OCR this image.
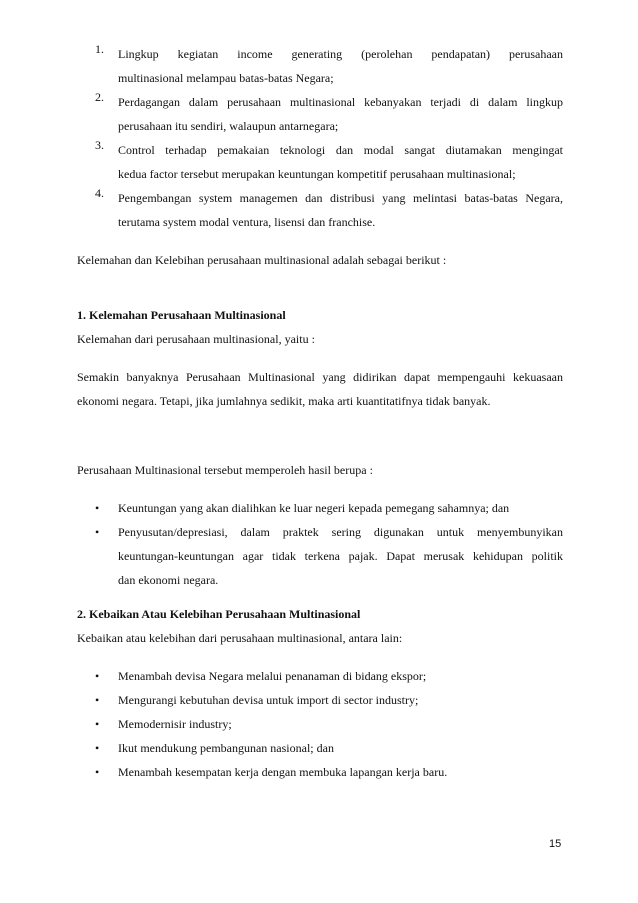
1. Lingkup kegiatan income generating (perolehan pendapatan) perusahaan
multinasional melampau batas-batas Negara;
2. Perdagangan dalam perusahaan multinasional kebanyakan terjadi di dalam lingkup
perusahaan itu sendiri, walaupun antarnegara;
3. Control terhadap pemakaian teknologi dan modal sangat diutamakan mengingat
kedua factor tersebut merupakan keuntungan kompetitif perusahaan multinasional;
4. Pengembangan system managemen dan distribusi yang melintasi batas-batas Negara,
terutama system modal ventura, lisensi dan franchise.
Kelemahan dan Kelebihan perusahaan multinasional adalah sebagai berikut :
1. Kelemahan Perusahaan Multinasional
Kelemahan dari perusahaan multinasional, yaitu :
Semakin banyaknya Perusahaan Multinasional yang didirikan dapat mempengauhi kekuasaan
ekonomi negara. Tetapi, jika jumlahnya sedikit, maka arti kuantitatifnya tidak banyak.
Perusahaan Multinasional tersebut memperoleh hasil berupa :
• Keuntungan yang akan dialihkan ke luar negeri kepada pemegang sahamnya; dan
• Penyusutan/depresiasi, dalam praktek sering digunakan untuk menyembunyikan
keuntungan-keuntungan agar tidak terkena pajak. Dapat merusak kehidupan politik
dan ekonomi negara.
2. Kebaikan Atau Kelebihan Perusahaan Multinasional
Kebaikan atau kelebihan dari perusahaan multinasional, antara lain:
• Menambah devisa Negara melalui penanaman di bidang ekspor;
• Mengurangi kebutuhan devisa untuk import di sector industry;
• Memodernisir industry;
• Ikut mendukung pembangunan nasional; dan
• Menambah kesempatan kerja dengan membuka lapangan kerja baru.
15
